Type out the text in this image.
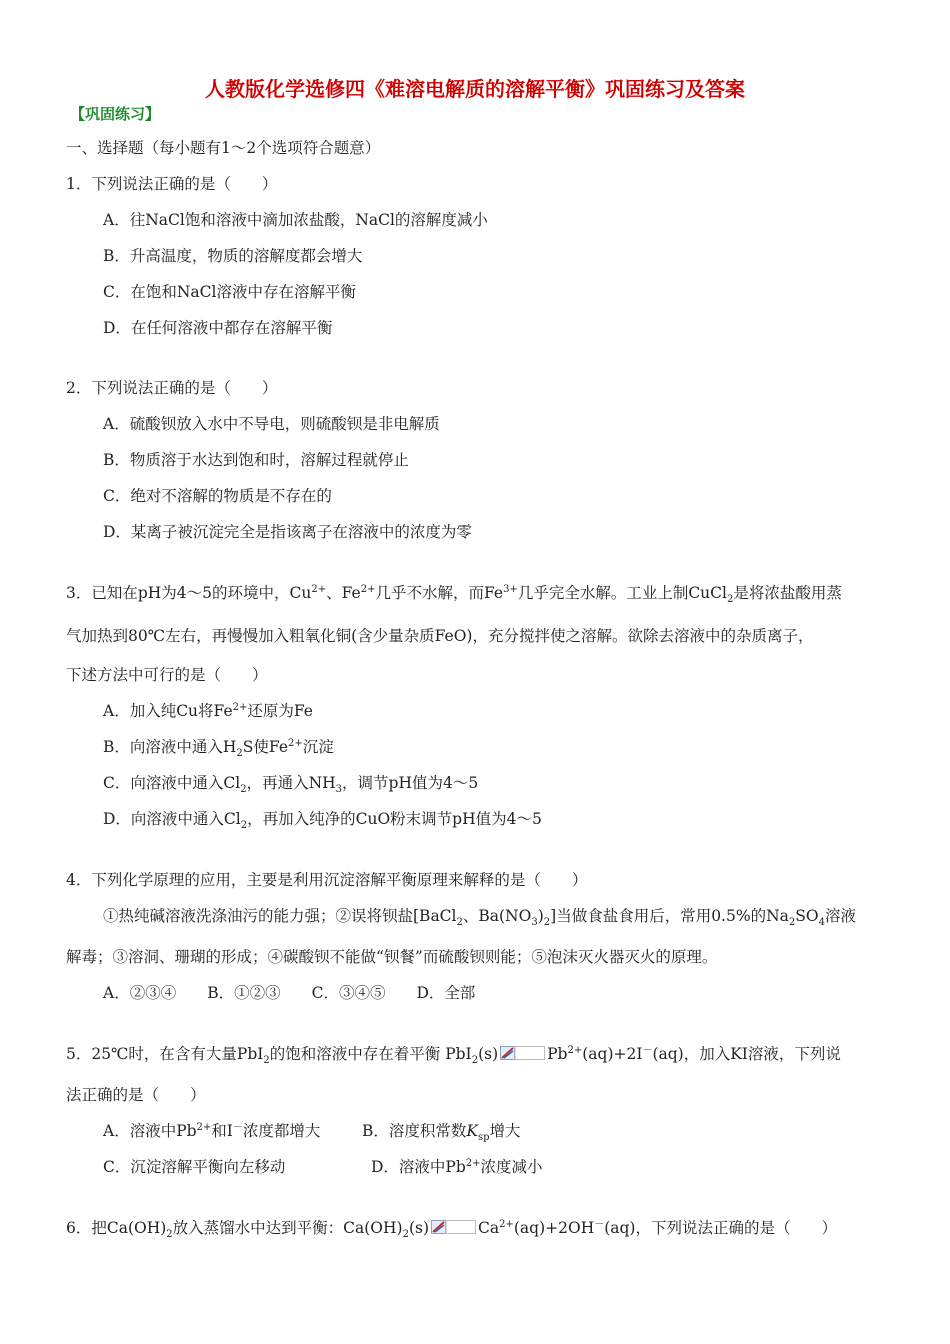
人教版化学选修四《难溶电解质的溶解平衡》巩固练习及答案
【巩固练习】
一、选择题（每小题有1～2个选项符合题意）
1．下列说法正确的是（　　）
A．往NaCl饱和溶液中滴加浓盐酸，NaCl的溶解度减小
B．升高温度，物质的溶解度都会增大
C．在饱和NaCl溶液中存在溶解平衡
D．在任何溶液中都存在溶解平衡
2．下列说法正确的是（　　）
A．硫酸钡放入水中不导电，则硫酸钡是非电解质
B．物质溶于水达到饱和时，溶解过程就停止
C．绝对不溶解的物质是不存在的
D．某离子被沉淀完全是指该离子在溶液中的浓度为零
3．已知在pH为4～5的环境中，$Cu^{2+}$、$Fe^{2+}$几乎不水解，而$Fe^{3+}$几乎完全水解。工业上制CuCl$_2$是将浓盐酸用蒸
气加热到80℃左右，再慢慢加入粗氧化铜(含少量杂质FeO)，充分搅拌使之溶解。欲除去溶液中的杂质离子，
下述方法中可行的是（　　）
A．加入纯Cu将$Fe^{2+}$还原为Fe
B．向溶液中通入$H_2S$使$Fe^{2+}$沉淀
C．向溶液中通入$Cl_2$，再通入$NH_3$，调节pH值为4～5
D．向溶液中通入$Cl_2$，再加入纯净的CuO粉末调节pH值为4～5
4．下列化学原理的应用，主要是利用沉淀溶解平衡原理来解释的是（　　）
①热纯碱溶液洗涤油污的能力强；②误将钡盐[BaCl$_2$、$Ba(NO_3)_2$]当做食盐食用后，常用0.5%的$Na_2SO_4$溶液
解毒；③溶洞、珊瑚的形成；④碳酸钡不能做“钡餐”而硫酸钡则能；⑤泡沫灭火器灭火的原理。
A．②③④　　B．①②③　　C．③④⑤　　D．全部
5．25℃时，在含有大量PbI$_2$的饱和溶液中存在着平衡 PbI$_2$(s)	$Pb^{2+}(aq)+2I^-(aq)$，加入KI溶液，下列说
法正确的是（　　）
A．溶液中$Pb^{2+}$和I－浓度都增大	B．溶度积常数$K_{sp}$增大
C．沉淀溶解平衡向左移动	D．溶液中$Pb^{2+}$浓度减小
6．把$Ca(OH)_2$放入蒸馏水中达到平衡：$Ca(OH)_2(s)$	$Ca^{2+}(aq)+2OH^-(aq)$，下列说法正确的是（　　）
